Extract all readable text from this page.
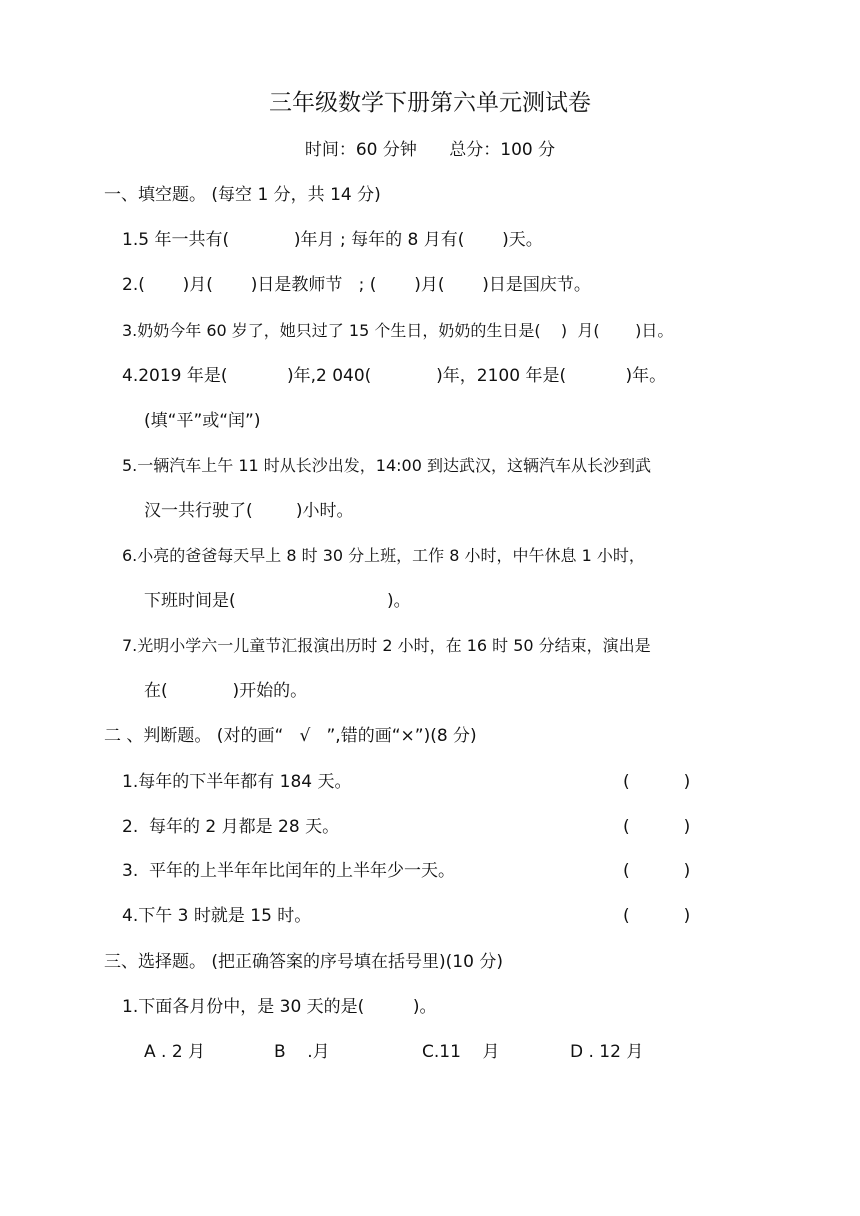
三年级数学下册第六单元测试卷
时间：60 分钟      总分：100 分
一、填空题。 (每空 1 分，共 14 分)
1.5 年一共有(            )年月 ; 每年的 8 月有(       )天。
2.(       )月(       )日是教师节   ; (       )月(       )日是国庆节。
3.奶奶今年 60 岁了，她只过了 15 个生日，奶奶的生日是(    )  月(       )日。
4.2019 年是(           )年,2 040(            )年，2100 年是(           )年。
(填“平”或“闰”)
5.一辆汽车上午 11 时从长沙出发，14:00 到达武汉，这辆汽车从长沙到武
汉一共行驶了(        )小时。
6.小亮的爸爸每天早上 8 时 30 分上班，工作 8 小时，中午休息 1 小时，
下班时间是(                            )。
7.光明小学六一儿童节汇报演出历时 2 小时，在 16 时 50 分结束，演出是
在(            )开始的。
二 、判断题。 (对的画“   √   ”,错的画“×”)(8 分)
1.每年的下半年都有 184 天。	(          )
2.  每年的 2 月都是 28 天。	(          )
3.  平年的上半年年比闰年的上半年少一天。	(          )
4.下午 3 时就是 15 时。	(          )
三、选择题。 (把正确答案的序号填在括号里)(10 分)
1.下面各月份中，是 30 天的是(         )。
A . 2 月	B    .月	C.11    月	D . 12 月
